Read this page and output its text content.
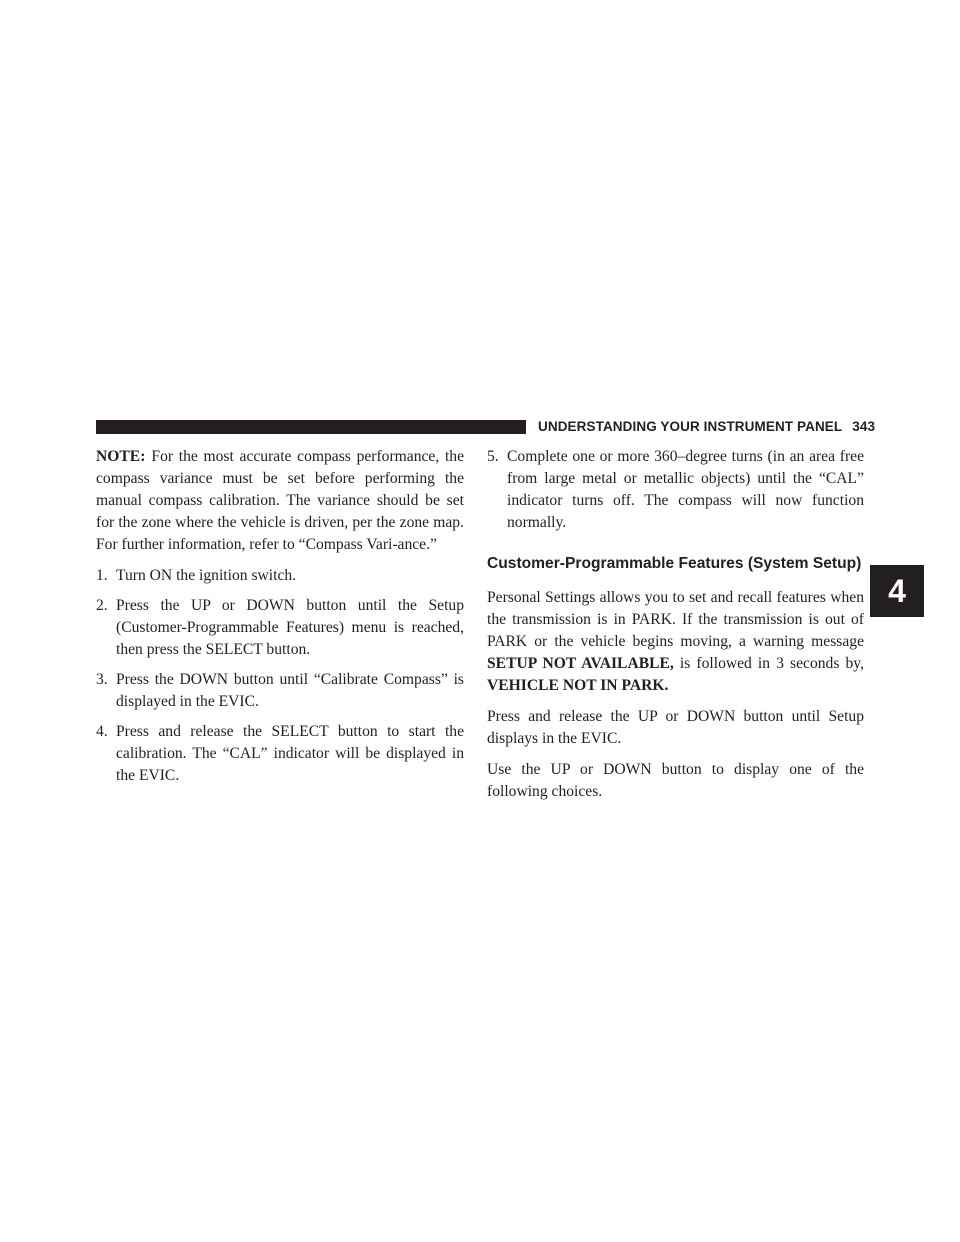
UNDERSTANDING YOUR INSTRUMENT PANEL 343

NOTE: For the most accurate compass performance, the compass variance must be set before performing the manual compass calibration. The variance should be set for the zone where the vehicle is driven, per the zone map. For further information, refer to “Compass Vari-ance.”

1. Turn ON the ignition switch.

2. Press the UP or DOWN button until the Setup (Customer-Programmable Features) menu is reached, then press the SELECT button.

3. Press the DOWN button until “Calibrate Compass” is displayed in the EVIC.

4. Press and release the SELECT button to start the calibration. The “CAL” indicator will be displayed in the EVIC.

5. Complete one or more 360–degree turns (in an area free from large metal or metallic objects) until the “CAL” indicator turns off. The compass will now function normally.

Customer-Programmable Features (System Setup)

Personal Settings allows you to set and recall features when the transmission is in PARK. If the transmission is out of PARK or the vehicle begins moving, a warning message SETUP NOT AVAILABLE, is followed in 3 seconds by, VEHICLE NOT IN PARK.

Press and release the UP or DOWN button until Setup displays in the EVIC.

Use the UP or DOWN button to display one of the following choices.

4
